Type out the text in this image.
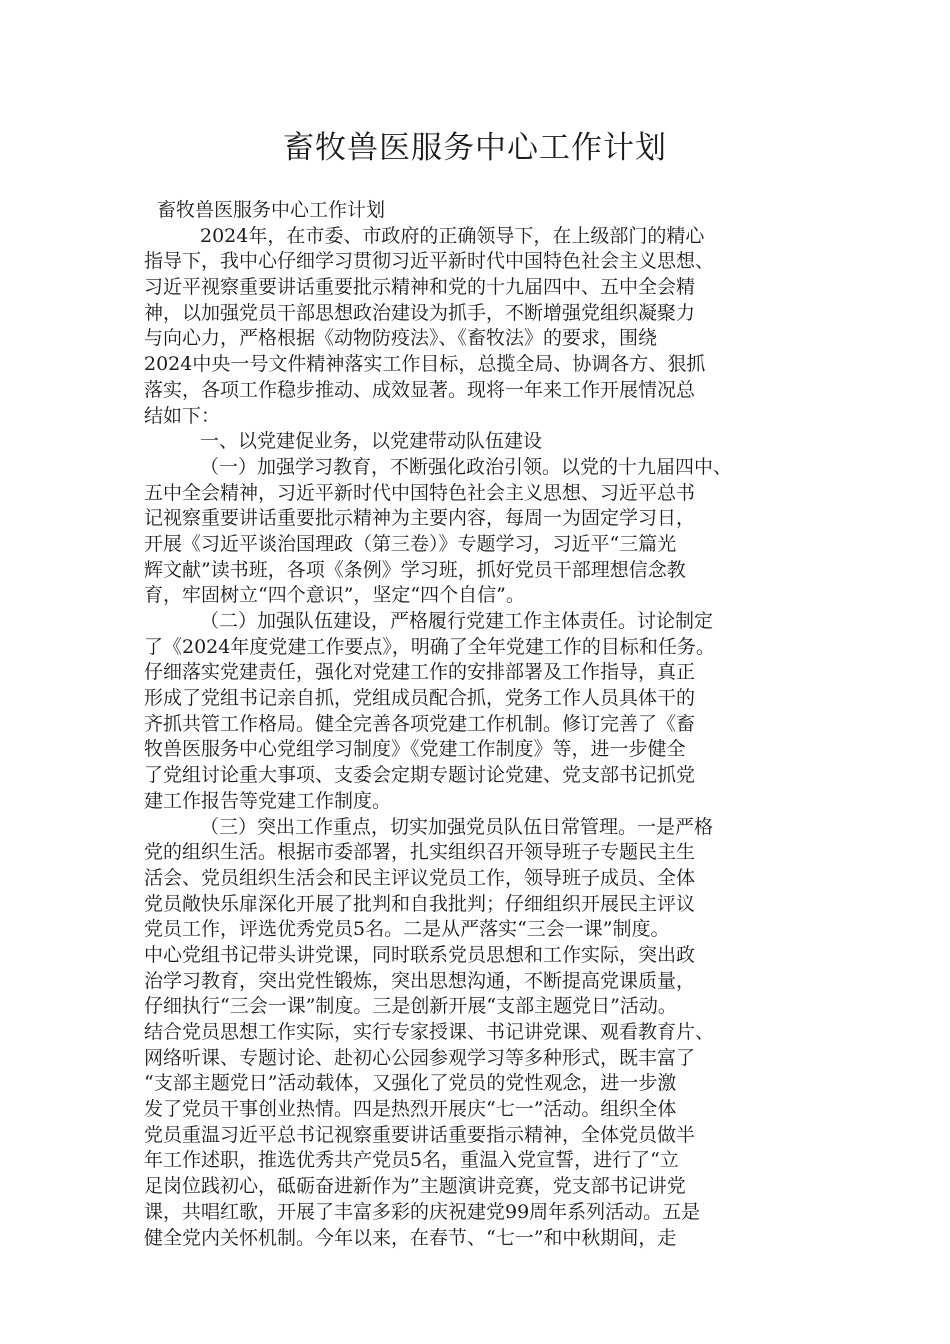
畜牧兽医服务中心工作计划
畜牧兽医服务中心工作计划
2024年，在市委、市政府的正确领导下，在上级部门的精心
指导下，我中心仔细学习贯彻习近平新时代中国特色社会主义思想、
习近平视察重要讲话重要批示精神和党的十九届四中、五中全会精
神，以加强党员干部思想政治建设为抓手，不断增强党组织凝聚力
与向心力，严格根据《动物防疫法》、《畜牧法》的要求，围绕
2024中央一号文件精神落实工作目标，总揽全局、协调各方、狠抓
落实，各项工作稳步推动、成效显著。现将一年来工作开展情况总
结如下：
一、以党建促业务，以党建带动队伍建设
（一）加强学习教育，不断强化政治引领。以党的十九届四中、
五中全会精神，习近平新时代中国特色社会主义思想、习近平总书
记视察重要讲话重要批示精神为主要内容，每周一为固定学习日，
开展《习近平谈治国理政（第三卷）》专题学习，习近平“三篇光
辉文献”读书班，各项《条例》学习班，抓好党员干部理想信念教
育，牢固树立“四个意识”，坚定“四个自信”。
（二）加强队伍建设，严格履行党建工作主体责任。讨论制定
了《2024年度党建工作要点》，明确了全年党建工作的目标和任务。
仔细落实党建责任，强化对党建工作的安排部署及工作指导，真正
形成了党组书记亲自抓，党组成员配合抓，党务工作人员具体干的
齐抓共管工作格局。健全完善各项党建工作机制。修订完善了《畜
牧兽医服务中心党组学习制度》《党建工作制度》等，进一步健全
了党组讨论重大事项、支委会定期专题讨论党建、党支部书记抓党
建工作报告等党建工作制度。
（三）突出工作重点，切实加强党员队伍日常管理。一是严格
党的组织生活。根据市委部署，扎实组织召开领导班子专题民主生
活会、党员组织生活会和民主评议党员工作，领导班子成员、全体
党员敞快乐扉深化开展了批判和自我批判；仔细组织开展民主评议
党员工作，评选优秀党员5名。二是从严落实“三会一课”制度。
中心党组书记带头讲党课，同时联系党员思想和工作实际，突出政
治学习教育，突出党性锻炼，突出思想沟通，不断提高党课质量，
仔细执行“三会一课”制度。三是创新开展“支部主题党日”活动。
结合党员思想工作实际，实行专家授课、书记讲党课、观看教育片、
网络听课、专题讨论、赴初心公园参观学习等多种形式，既丰富了
“支部主题党日”活动载体，又强化了党员的党性观念，进一步激
发了党员干事创业热情。四是热烈开展庆“七一”活动。组织全体
党员重温习近平总书记视察重要讲话重要指示精神，全体党员做半
年工作述职，推选优秀共产党员5名，重温入党宣誓，进行了“立
足岗位践初心，砥砺奋进新作为”主题演讲竞赛，党支部书记讲党
课，共唱红歌，开展了丰富多彩的庆祝建党99周年系列活动。五是
健全党内关怀机制。今年以来，在春节、“七一”和中秋期间，走
